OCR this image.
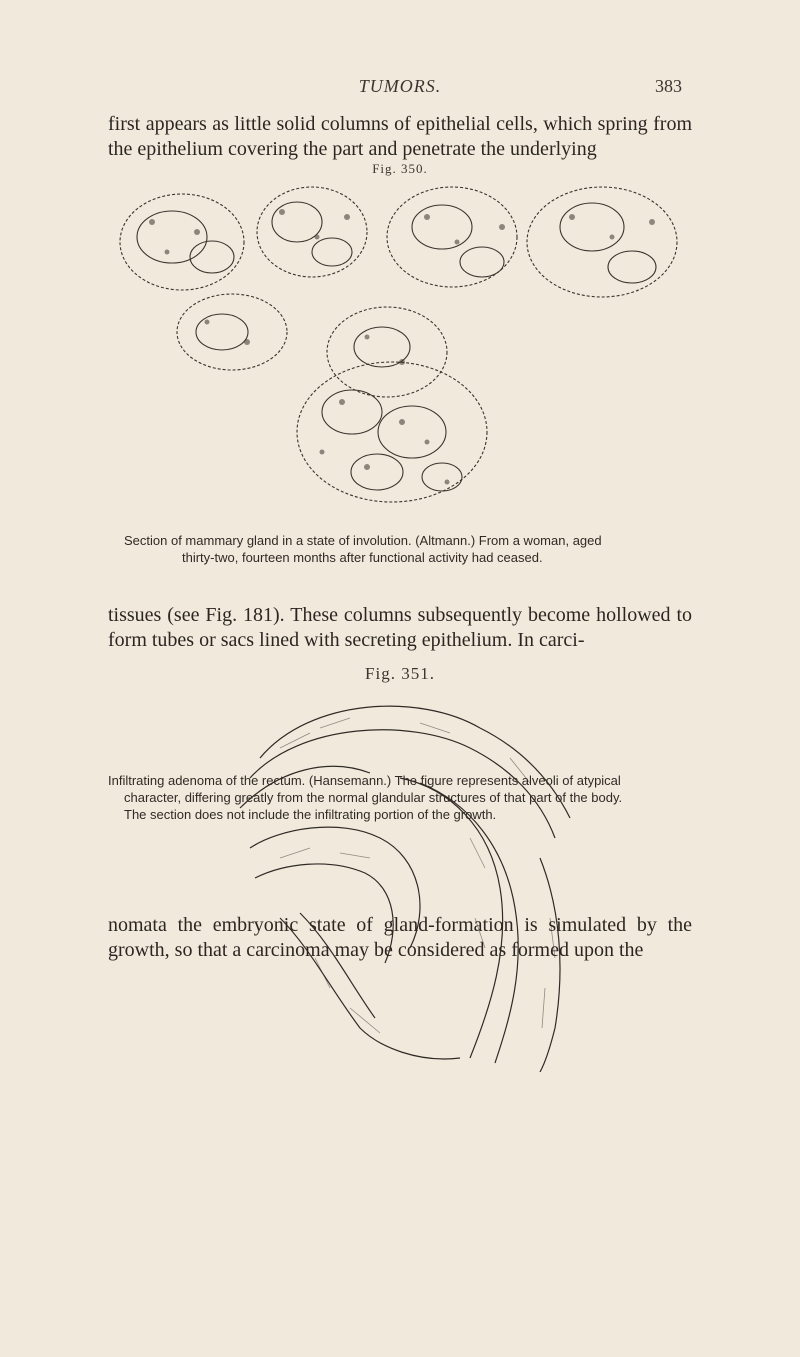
TUMORS.	383

first appears as little solid columns of epithelial cells, which spring from the epithelium covering the part and penetrate the underlying

Fig. 350.

Section of mammary gland in a state of involution. (Altmann.) From a woman, aged
thirty-two, fourteen months after functional activity had ceased.

tissues (see Fig. 181). These columns subsequently become hollowed to form tubes or sacs lined with secreting epithelium. In carci-

Fig. 351.

Infiltrating adenoma of the rectum. (Hansemann.) The figure represents alveoli of atypical
character, differing greatly from the normal glandular structures of that part of the body.
The section does not include the infiltrating portion of the growth.

nomata the embryonic state of gland-formation is simulated by the growth, so that a carcinoma may be considered as formed upon the
